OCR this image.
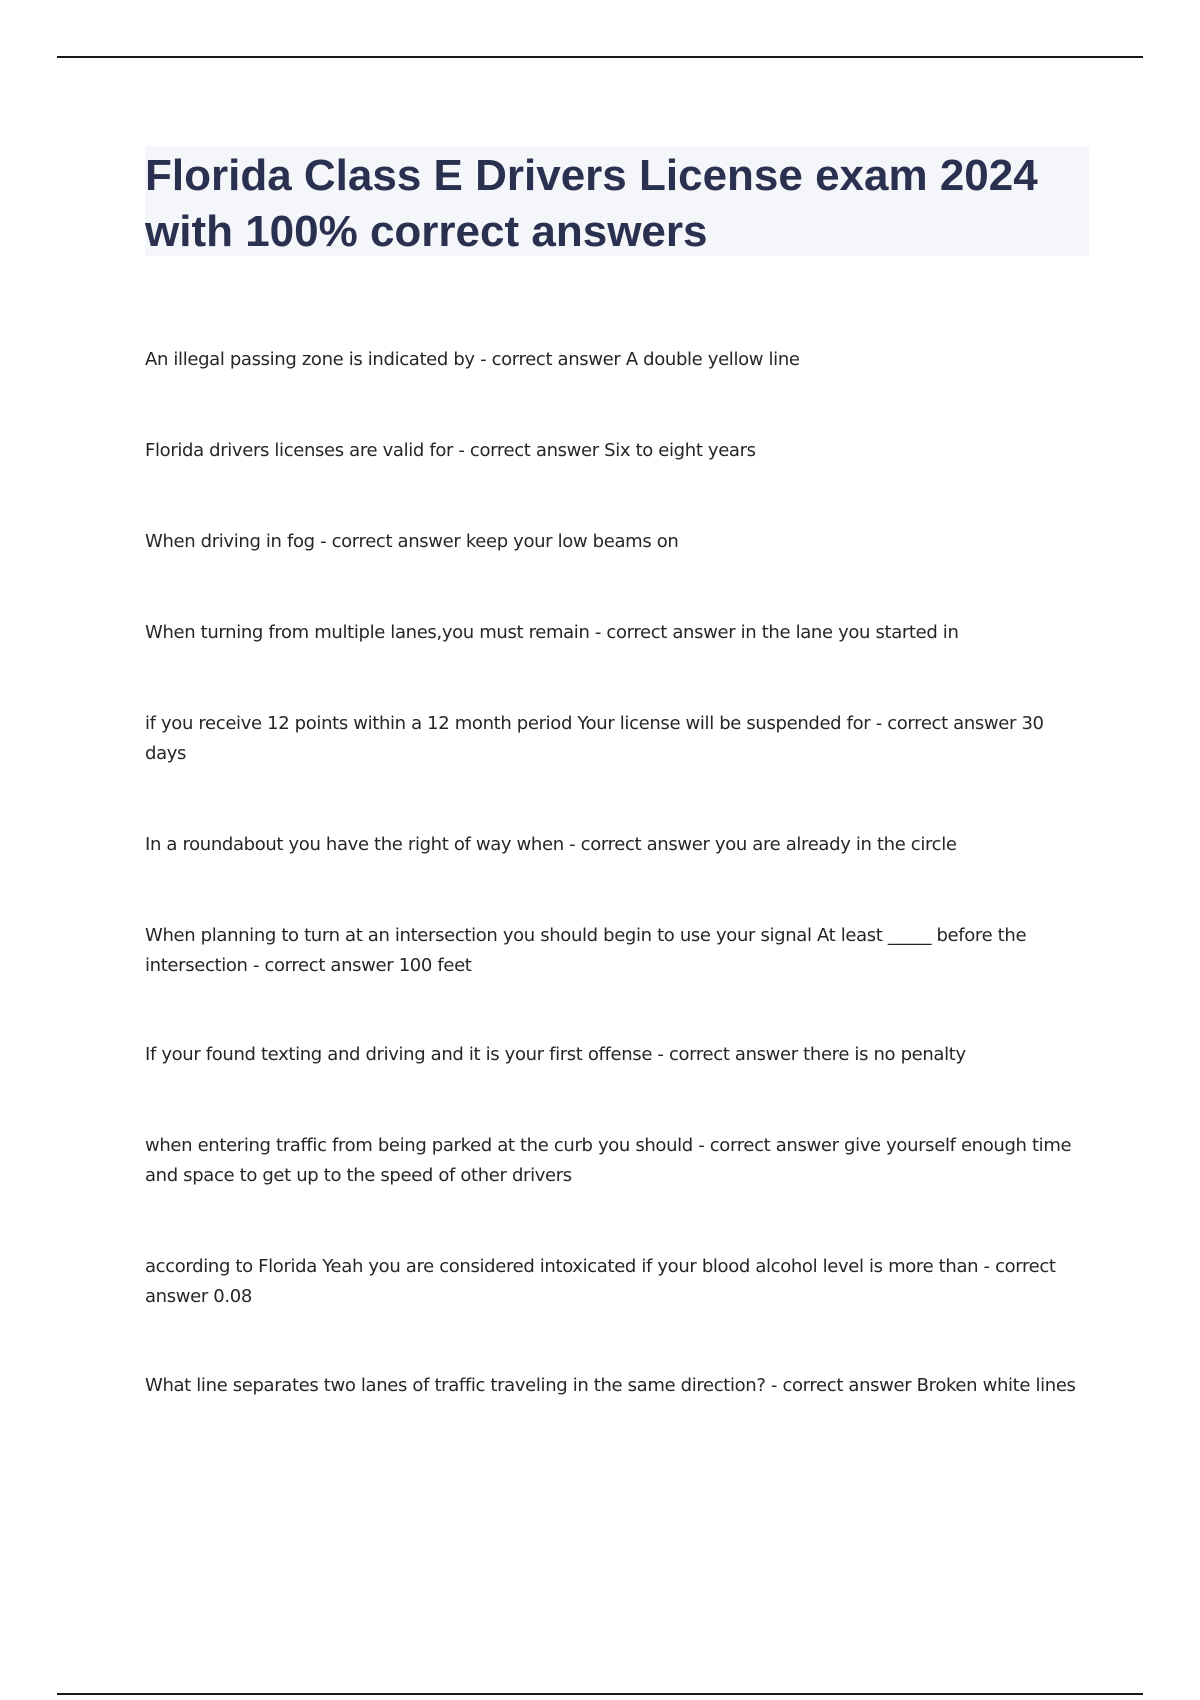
Florida Class E Drivers License exam 2024 with 100% correct answers

An illegal passing zone is indicated by - correct answer A double yellow line

Florida drivers licenses are valid for - correct answer Six to eight years

When driving in fog - correct answer keep your low beams on

When turning from multiple lanes,you must remain - correct answer in the lane you started in

if you receive 12 points within a 12 month period Your license will be suspended for - correct answer 30 days

In a roundabout you have the right of way when - correct answer you are already in the circle

When planning to turn at an intersection you should begin to use your signal At least _____ before the intersection - correct answer 100 feet

If your found texting and driving and it is your first offense - correct answer there is no penalty

when entering traffic from being parked at the curb you should - correct answer give yourself enough time and space to get up to the speed of other drivers

according to Florida Yeah you are considered intoxicated if your blood alcohol level is more than - correct answer 0.08

What line separates two lanes of traffic traveling in the same direction? - correct answer Broken white lines
